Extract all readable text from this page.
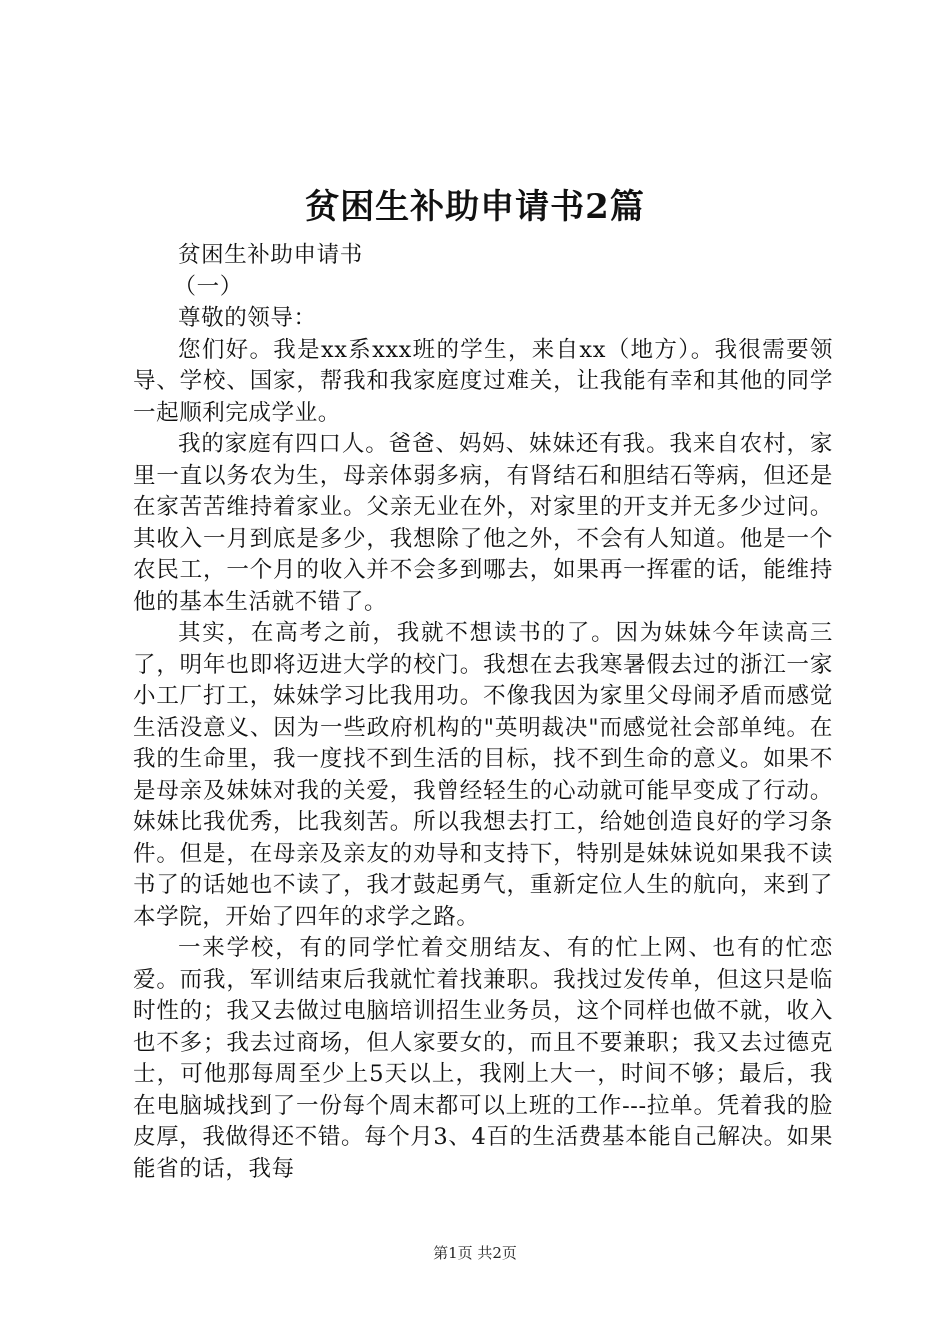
贫困生补助申请书2篇

贫困生补助申请书

（一）

尊敬的领导：

您们好。我是xx系xxx班的学生，来自xx（地方）。我很需要领导、学校、国家，帮我和我家庭度过难关，让我能有幸和其他的同学一起顺利完成学业。

我的家庭有四口人。爸爸、妈妈、妹妹还有我。我来自农村，家里一直以务农为生，母亲体弱多病，有肾结石和胆结石等病，但还是在家苦苦维持着家业。父亲无业在外，对家里的开支并无多少过问。其收入一月到底是多少，我想除了他之外，不会有人知道。他是一个农民工，一个月的收入并不会多到哪去，如果再一挥霍的话，能维持他的基本生活就不错了。

其实，在高考之前，我就不想读书的了。因为妹妹今年读高三了，明年也即将迈进大学的校门。我想在去我寒暑假去过的浙江一家小工厂打工，妹妹学习比我用功。不像我因为家里父母闹矛盾而感觉生活没意义、因为一些政府机构的"英明裁决"而感觉社会部单纯。在我的生命里，我一度找不到生活的目标，找不到生命的意义。如果不是母亲及妹妹对我的关爱，我曾经轻生的心动就可能早变成了行动。妹妹比我优秀，比我刻苦。所以我想去打工，给她创造良好的学习条件。但是，在母亲及亲友的劝导和支持下，特别是妹妹说如果我不读书了的话她也不读了，我才鼓起勇气，重新定位人生的航向，来到了本学院，开始了四年的求学之路。

一来学校，有的同学忙着交朋结友、有的忙上网、也有的忙恋爱。而我，军训结束后我就忙着找兼职。我找过发传单，但这只是临时性的；我又去做过电脑培训招生业务员，这个同样也做不就，收入也不多；我去过商场，但人家要女的，而且不要兼职；我又去过德克士，可他那每周至少上5天以上，我刚上大一，时间不够；最后，我在电脑城找到了一份每个周末都可以上班的工作---拉单。凭着我的脸皮厚，我做得还不错。每个月3、4百的生活费基本能自己解决。如果能省的话，我每

第1页 共2页
